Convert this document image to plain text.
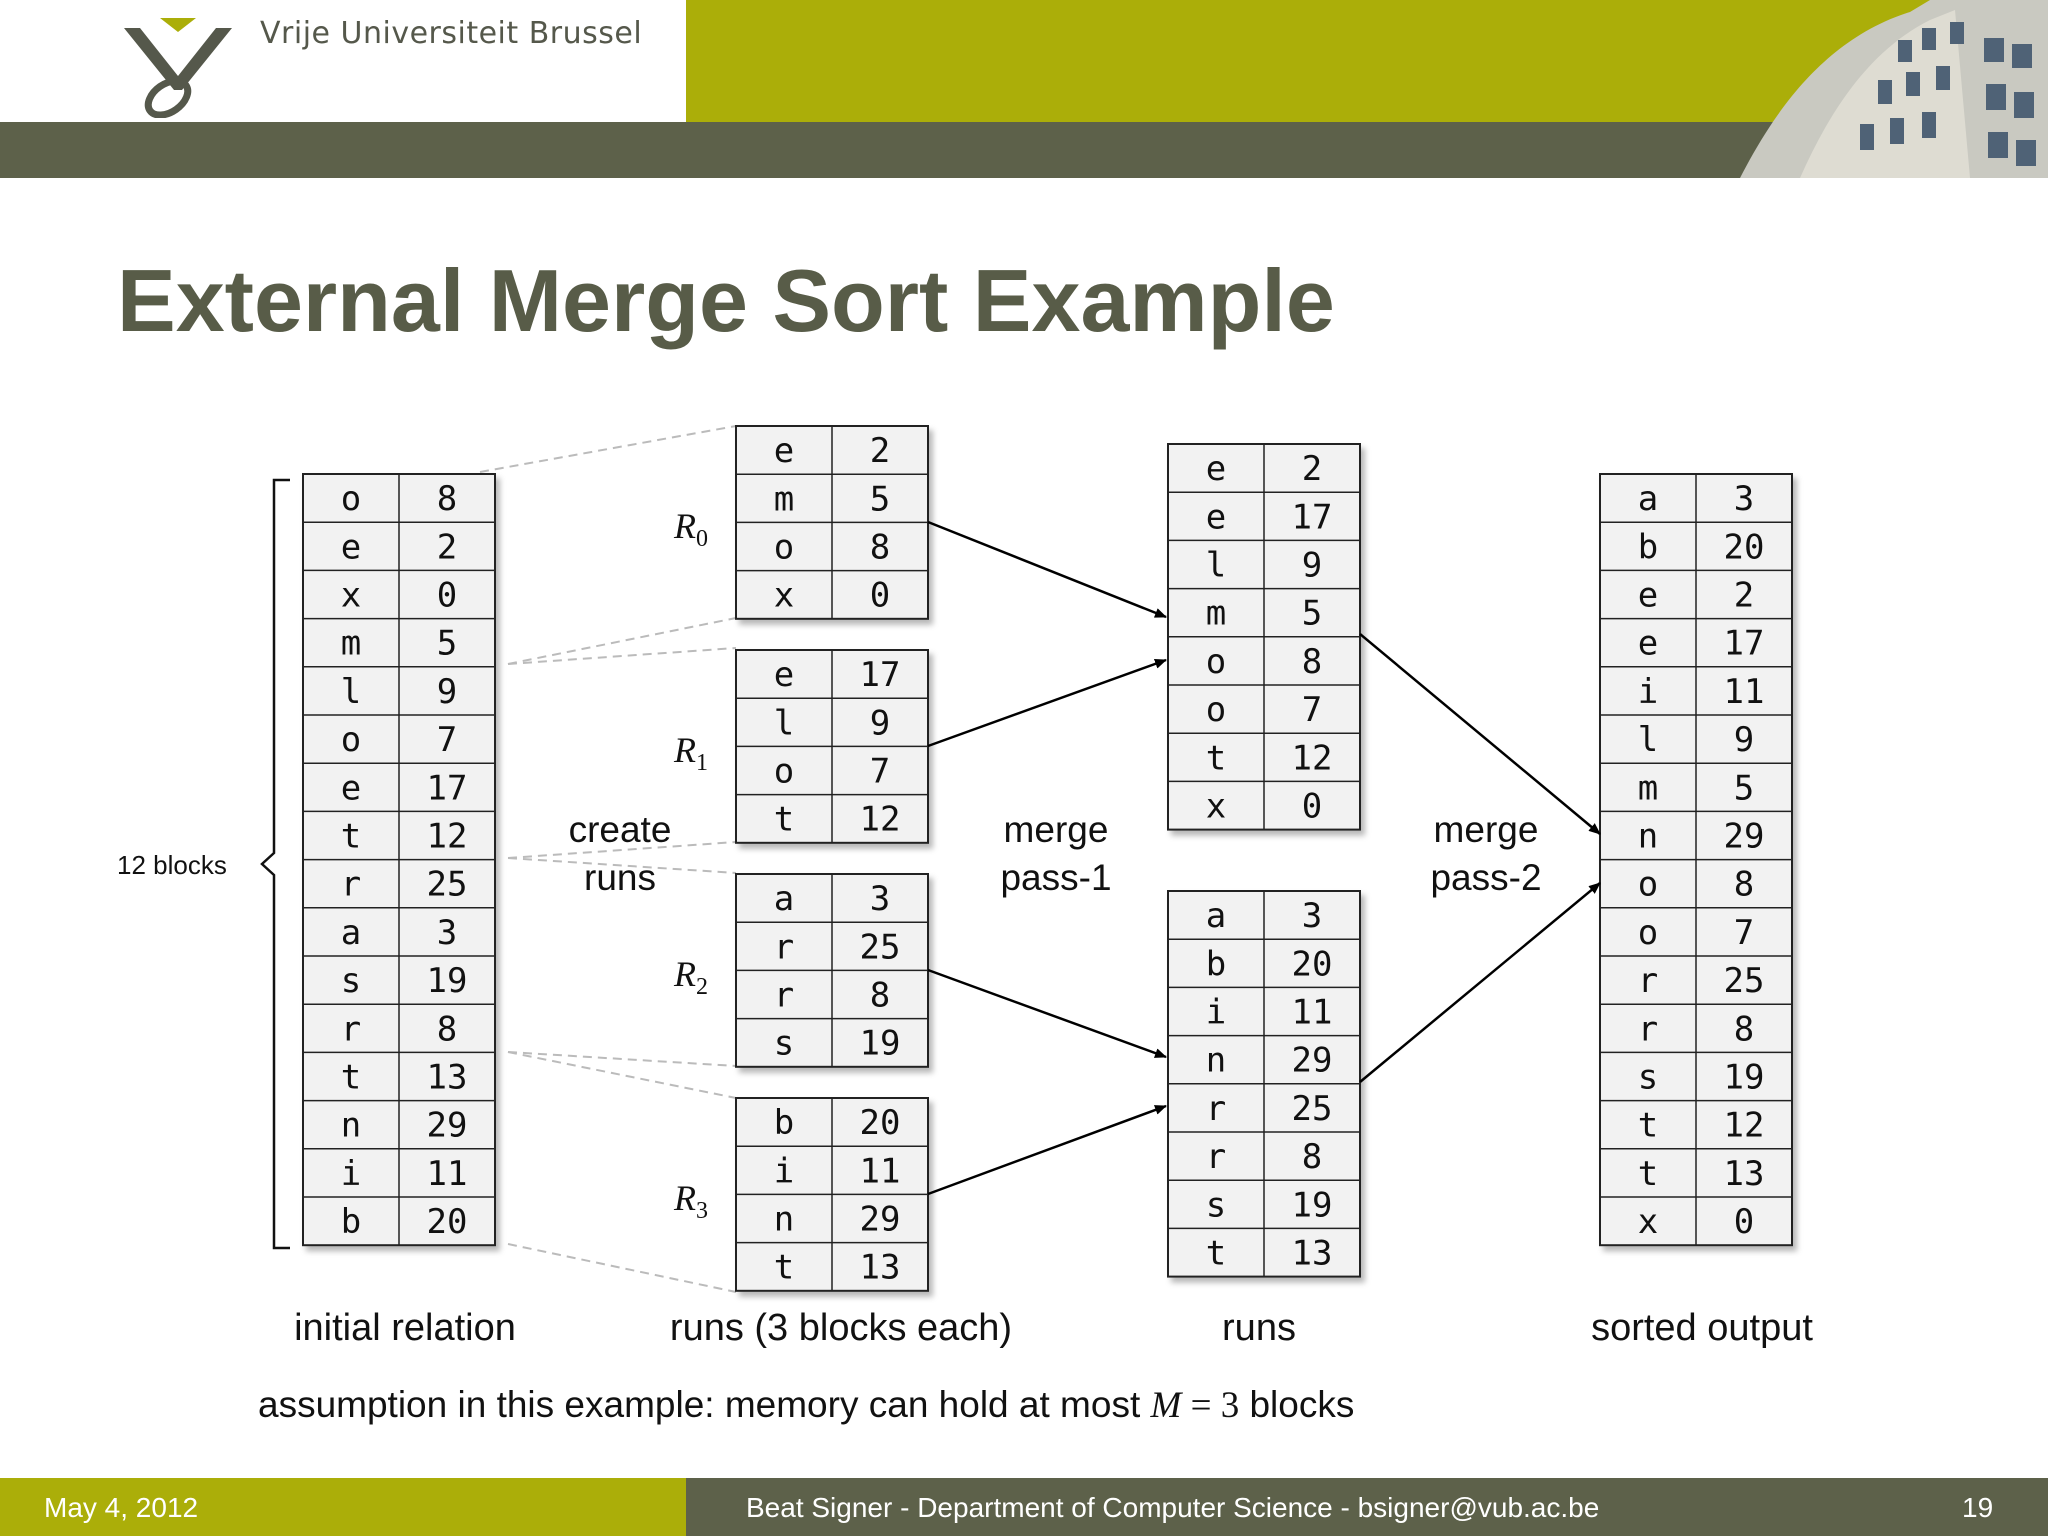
Vrije Universiteit Brussel
External Merge Sort Example
12 blocks
o 8
e 2
x 0
m 5
l 9
o 7
e 17
t 12
r 25
a 3
s 19
r 8
t 13
n 29
i 11
b 20
e 2
m 5
o 8
x 0
$R_0$
e 17
l 9
o 7
t 12
$R_1$
a 3
r 25
r 8
s 19
$R_2$
b 20
i 11
n 29
t 13
$R_3$
e 2
e 17
l 9
m 5
o 8
o 7
t 12
x 0
a 3
b 20
i 11
n 29
r 25
r 8
s 19
t 13
a 3
b 20
e 2
e 17
i 11
l 9
m 5
n 29
o 8
o 7
r 25
r 8
s 19
t 12
t 13
x 0
create
runs
merge
pass-1
merge
pass-2
initial relation	runs (3 blocks each)	runs	sorted output
assumption in this example: memory can hold at most M = 3 blocks
May 4, 2012	Beat Signer - Department of Computer Science - bsigner@vub.ac.be	19
